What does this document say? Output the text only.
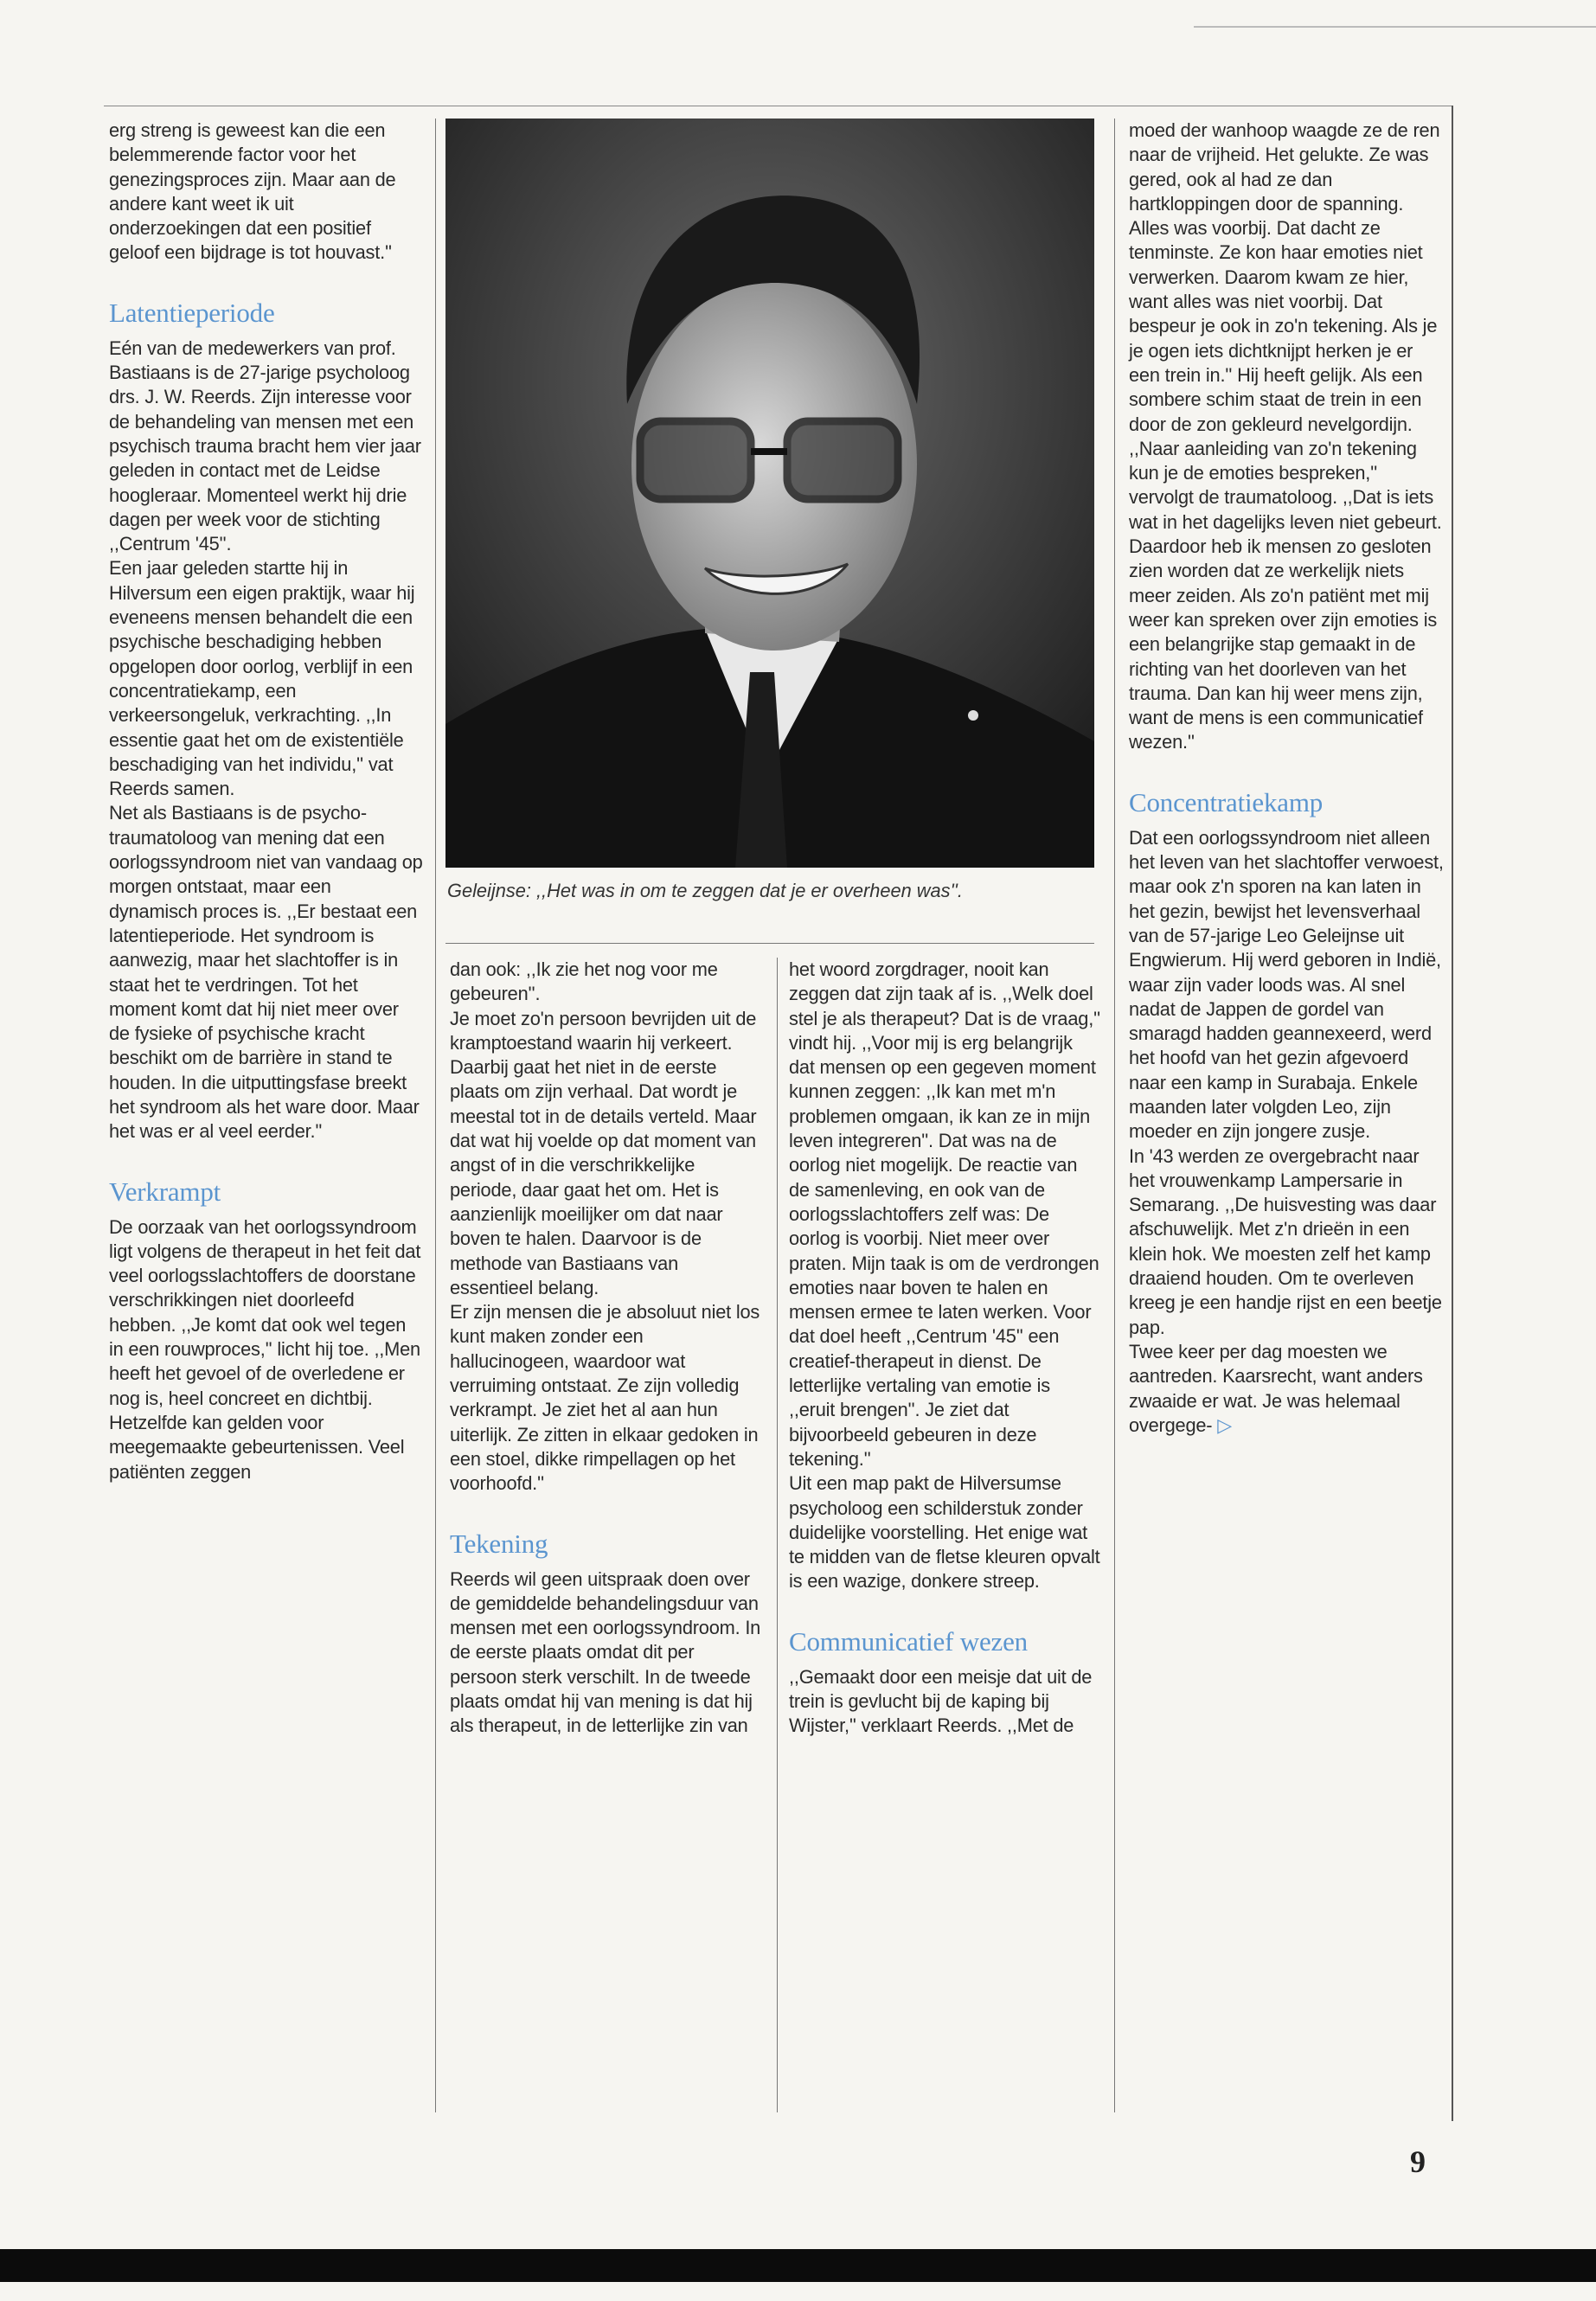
erg streng is geweest kan die een belemmerende factor voor het genezingsproces zijn. Maar aan de andere kant weet ik uit onderzoekingen dat een positief geloof een bijdrage is tot houvast.''

Latentieperiode

Eén van de medewerkers van prof. Bastiaans is de 27-jarige psycholoog drs. J. W. Reerds. Zijn interesse voor de behandeling van mensen met een psychisch trauma bracht hem vier jaar geleden in contact met de Leidse hoogleraar. Momenteel werkt hij drie dagen per week voor de stichting ,,Centrum '45''.

Een jaar geleden startte hij in Hilversum een eigen praktijk, waar hij eveneens mensen behandelt die een psychische beschadiging hebben opgelopen door oorlog, verblijf in een concentratiekamp, een verkeersongeluk, verkrachting. ,,In essentie gaat het om de existentiële beschadiging van het individu,'' vat Reerds samen.

Net als Bastiaans is de psycho-traumatoloog van mening dat een oorlogssyndroom niet van vandaag op morgen ontstaat, maar een dynamisch proces is. ,,Er bestaat een latentieperiode. Het syndroom is aanwezig, maar het slachtoffer is in staat het te verdringen. Tot het moment komt dat hij niet meer over de fysieke of psychische kracht beschikt om de barrière in stand te houden. In die uitputtingsfase breekt het syndroom als het ware door. Maar het was er al veel eerder.''

Verkrampt

De oorzaak van het oorlogssyndroom ligt volgens de therapeut in het feit dat veel oorlogsslachtoffers de doorstane verschrikkingen niet doorleefd hebben. ,,Je komt dat ook wel tegen in een rouwproces,'' licht hij toe. ,,Men heeft het gevoel of de overledene er nog is, heel concreet en dichtbij. Hetzelfde kan gelden voor meegemaakte gebeurtenissen. Veel patiënten zeggen

Geleijnse: ,,Het was in om te zeggen dat je er overheen was''.

dan ook: ,,Ik zie het nog voor me gebeuren''.

Je moet zo'n persoon bevrijden uit de kramptoestand waarin hij verkeert. Daarbij gaat het niet in de eerste plaats om zijn verhaal. Dat wordt je meestal tot in de details verteld. Maar dat wat hij voelde op dat moment van angst of in die verschrikkelijke periode, daar gaat het om. Het is aanzienlijk moeilijker om dat naar boven te halen. Daarvoor is de methode van Bastiaans van essentieel belang.

Er zijn mensen die je absoluut niet los kunt maken zonder een hallucinogeen, waardoor wat verruiming ontstaat. Ze zijn volledig verkrampt. Je ziet het al aan hun uiterlijk. Ze zitten in elkaar gedoken in een stoel, dikke rimpellagen op het voorhoofd.''

Tekening

Reerds wil geen uitspraak doen over de gemiddelde behandelingsduur van mensen met een oorlogssyndroom. In de eerste plaats omdat dit per persoon sterk verschilt. In de tweede plaats omdat hij van mening is dat hij als therapeut, in de letterlijke zin van

het woord zorgdrager, nooit kan zeggen dat zijn taak af is. ,,Welk doel stel je als therapeut? Dat is de vraag,'' vindt hij. ,,Voor mij is erg belangrijk dat mensen op een gegeven moment kunnen zeggen: ,,Ik kan met m'n problemen omgaan, ik kan ze in mijn leven integreren''. Dat was na de oorlog niet mogelijk. De reactie van de samenleving, en ook van de oorlogsslachtoffers zelf was: De oorlog is voorbij. Niet meer over praten. Mijn taak is om de verdrongen emoties naar boven te halen en mensen ermee te laten werken. Voor dat doel heeft ,,Centrum '45'' een creatief-therapeut in dienst. De letterlijke vertaling van emotie is ,,eruit brengen''. Je ziet dat bijvoorbeeld gebeuren in deze tekening.''

Uit een map pakt de Hilversumse psycholoog een schilderstuk zonder duidelijke voorstelling. Het enige wat te midden van de fletse kleuren opvalt is een wazige, donkere streep.

Communicatief wezen

,,Gemaakt door een meisje dat uit de trein is gevlucht bij de kaping bij Wijster,'' verklaart Reerds. ,,Met de

moed der wanhoop waagde ze de ren naar de vrijheid. Het gelukte. Ze was gered, ook al had ze dan hartkloppingen door de spanning. Alles was voorbij. Dat dacht ze tenminste. Ze kon haar emoties niet verwerken. Daarom kwam ze hier, want alles was niet voorbij. Dat bespeur je ook in zo'n tekening. Als je je ogen iets dichtknijpt herken je er een trein in.'' Hij heeft gelijk. Als een sombere schim staat de trein in een door de zon gekleurd nevelgordijn.

,,Naar aanleiding van zo'n tekening kun je de emoties bespreken,'' vervolgt de traumatoloog. ,,Dat is iets wat in het dagelijks leven niet gebeurt. Daardoor heb ik mensen zo gesloten zien worden dat ze werkelijk niets meer zeiden. Als zo'n patiënt met mij weer kan spreken over zijn emoties is een belangrijke stap gemaakt in de richting van het doorleven van het trauma. Dan kan hij weer mens zijn, want de mens is een communicatief wezen.''

Concentratiekamp

Dat een oorlogssyndroom niet alleen het leven van het slachtoffer verwoest, maar ook z'n sporen na kan laten in het gezin, bewijst het levensverhaal van de 57-jarige Leo Geleijnse uit Engwierum. Hij werd geboren in Indië, waar zijn vader loods was. Al snel nadat de Jappen de gordel van smaragd hadden geannexeerd, werd het hoofd van het gezin afgevoerd naar een kamp in Surabaja. Enkele maanden later volgden Leo, zijn moeder en zijn jongere zusje.

In '43 werden ze overgebracht naar het vrouwenkamp Lampersarie in Semarang. ,,De huisvesting was daar afschuwelijk. Met z'n drieën in een klein hok. We moesten zelf het kamp draaiend houden. Om te overleven kreeg je een handje rijst en een beetje pap.

Twee keer per dag moesten we aantreden. Kaarsrecht, want anders zwaaide er wat. Je was helemaal overgege- ▷

9
